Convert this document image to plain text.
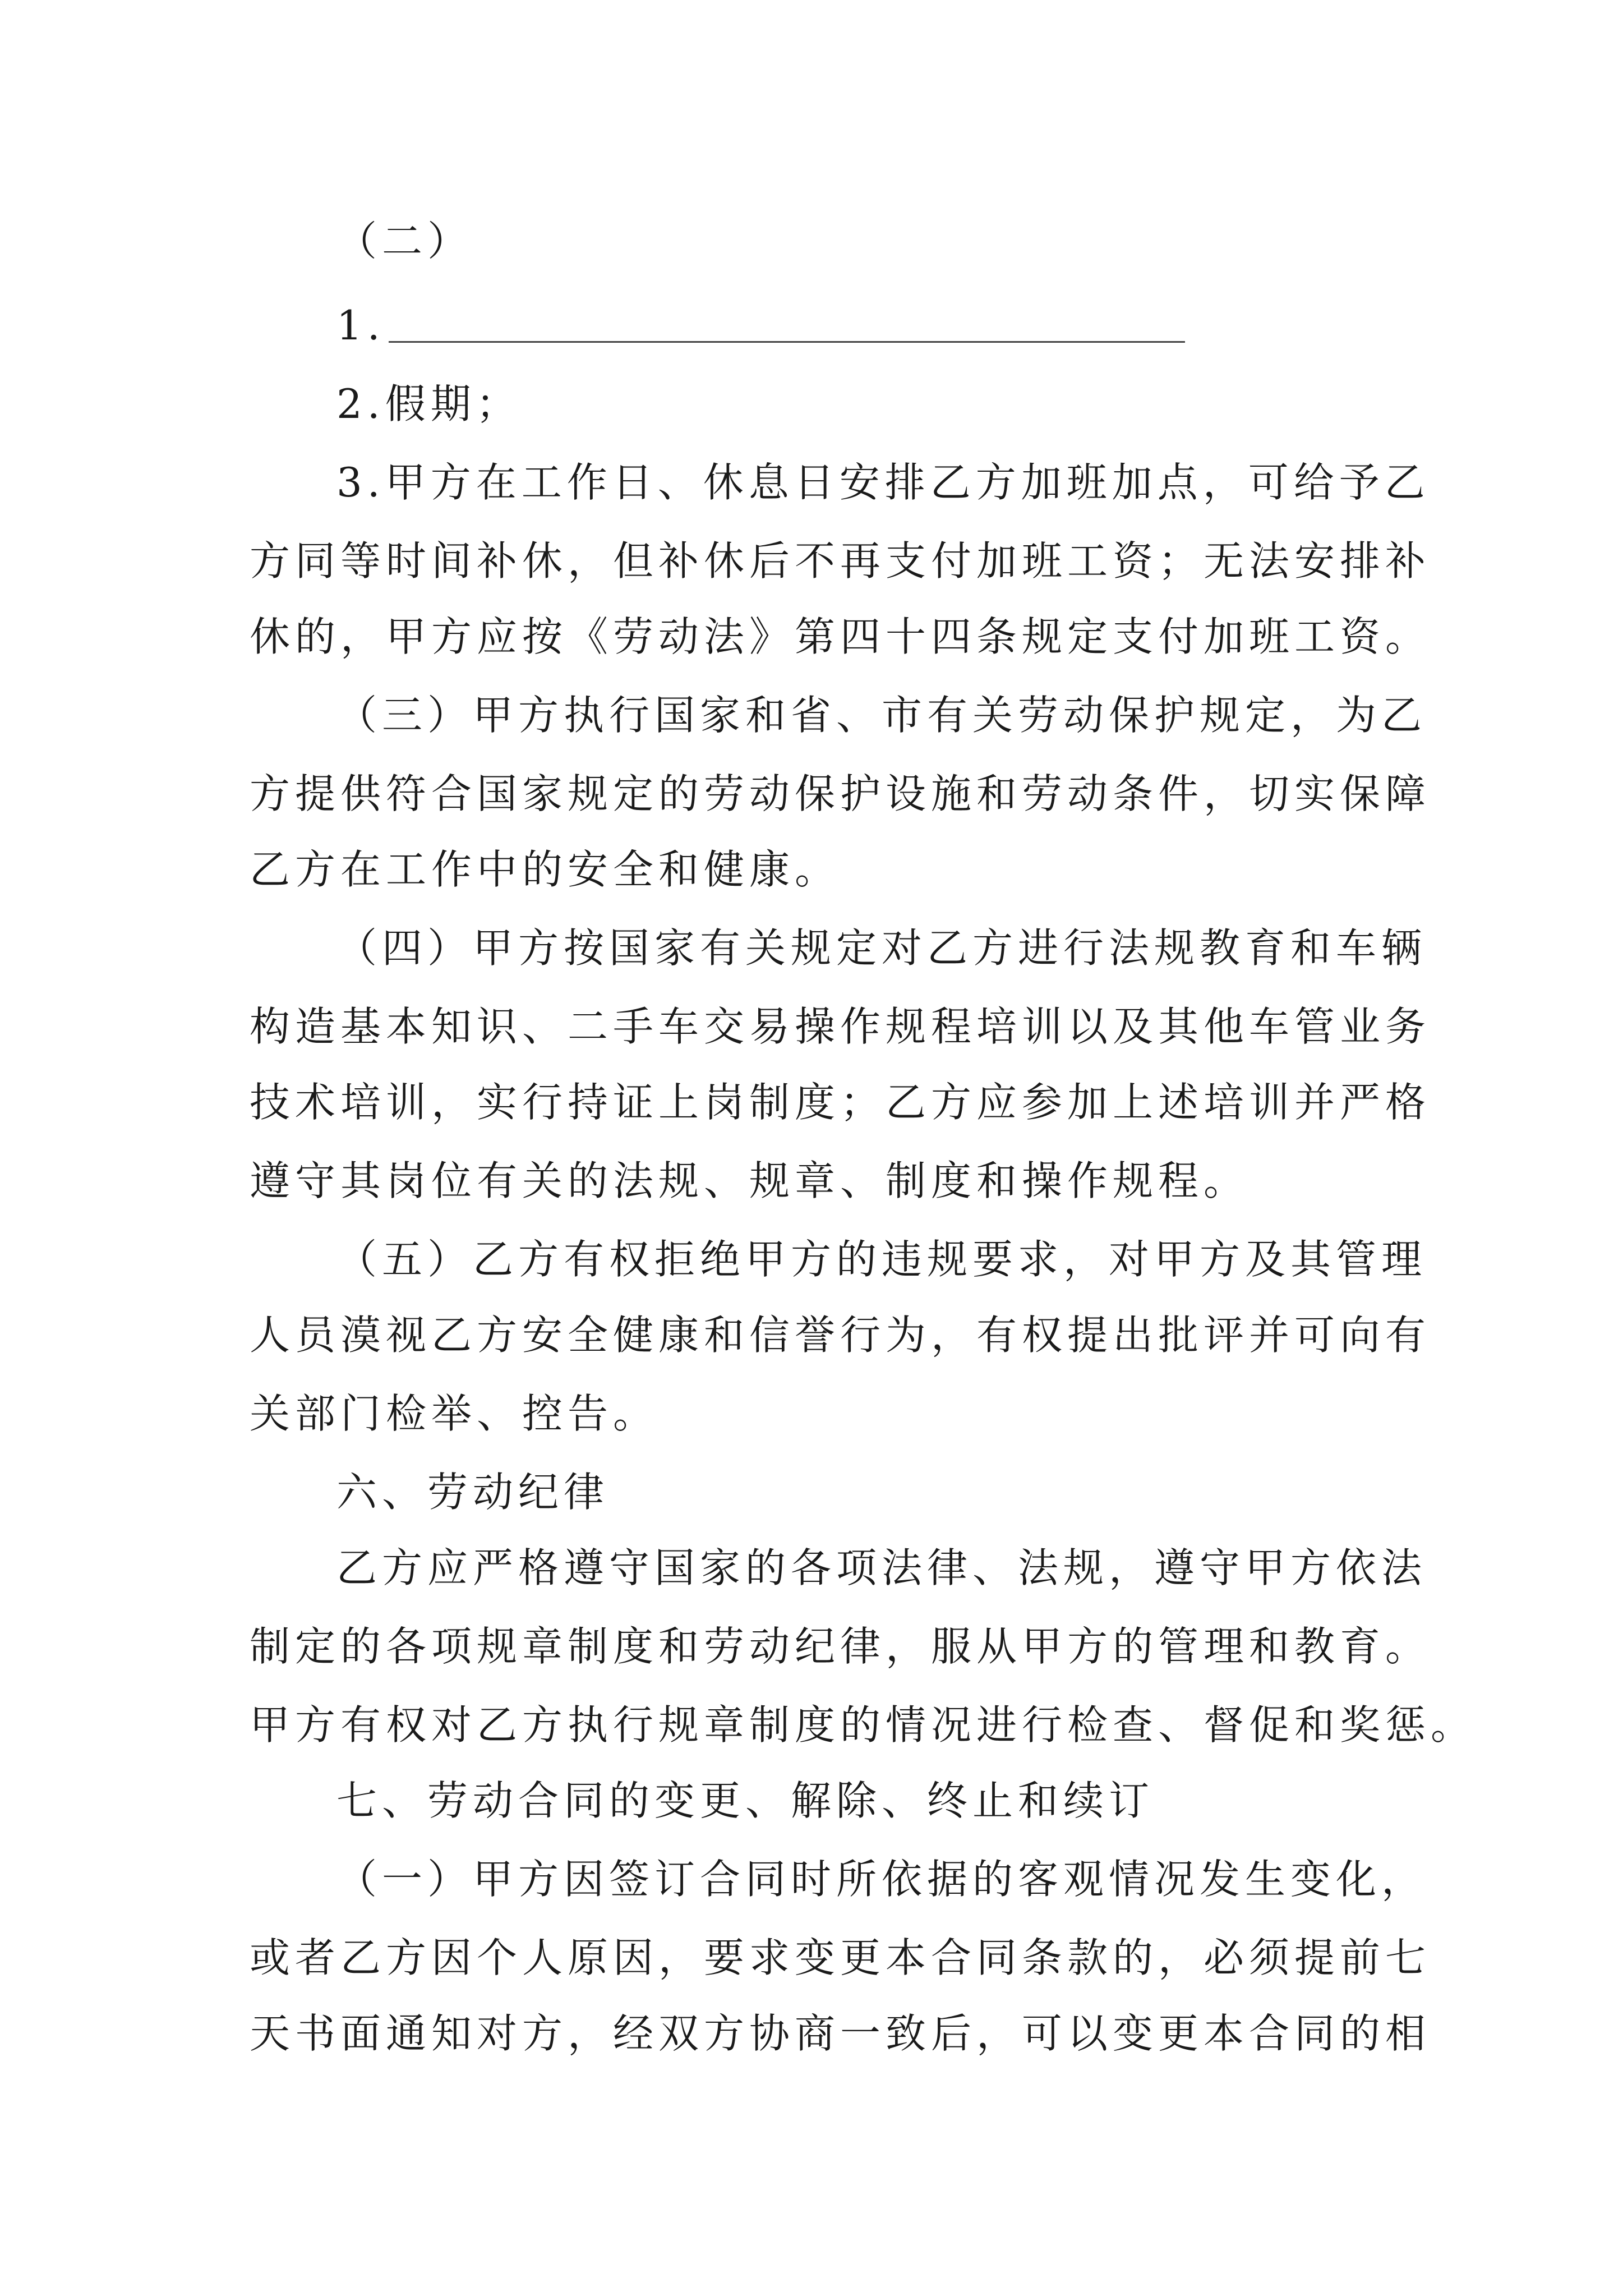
（二）
1.
2.假期；
3.甲方在工作日、休息日安排乙方加班加点，可给予乙
方同等时间补休，但补休后不再支付加班工资；无法安排补
休的，甲方应按《劳动法》第四十四条规定支付加班工资。
（三）甲方执行国家和省、市有关劳动保护规定，为乙
方提供符合国家规定的劳动保护设施和劳动条件，切实保障
乙方在工作中的安全和健康。
（四）甲方按国家有关规定对乙方进行法规教育和车辆
构造基本知识、二手车交易操作规程培训以及其他车管业务
技术培训，实行持证上岗制度；乙方应参加上述培训并严格
遵守其岗位有关的法规、规章、制度和操作规程。
（五）乙方有权拒绝甲方的违规要求，对甲方及其管理
人员漠视乙方安全健康和信誉行为，有权提出批评并可向有
关部门检举、控告。
六、劳动纪律
乙方应严格遵守国家的各项法律、法规，遵守甲方依法
制定的各项规章制度和劳动纪律，服从甲方的管理和教育。
甲方有权对乙方执行规章制度的情况进行检查、督促和奖惩。
七、劳动合同的变更、解除、终止和续订
（一）甲方因签订合同时所依据的客观情况发生变化，
或者乙方因个人原因，要求变更本合同条款的，必须提前七
天书面通知对方，经双方协商一致后，可以变更本合同的相
